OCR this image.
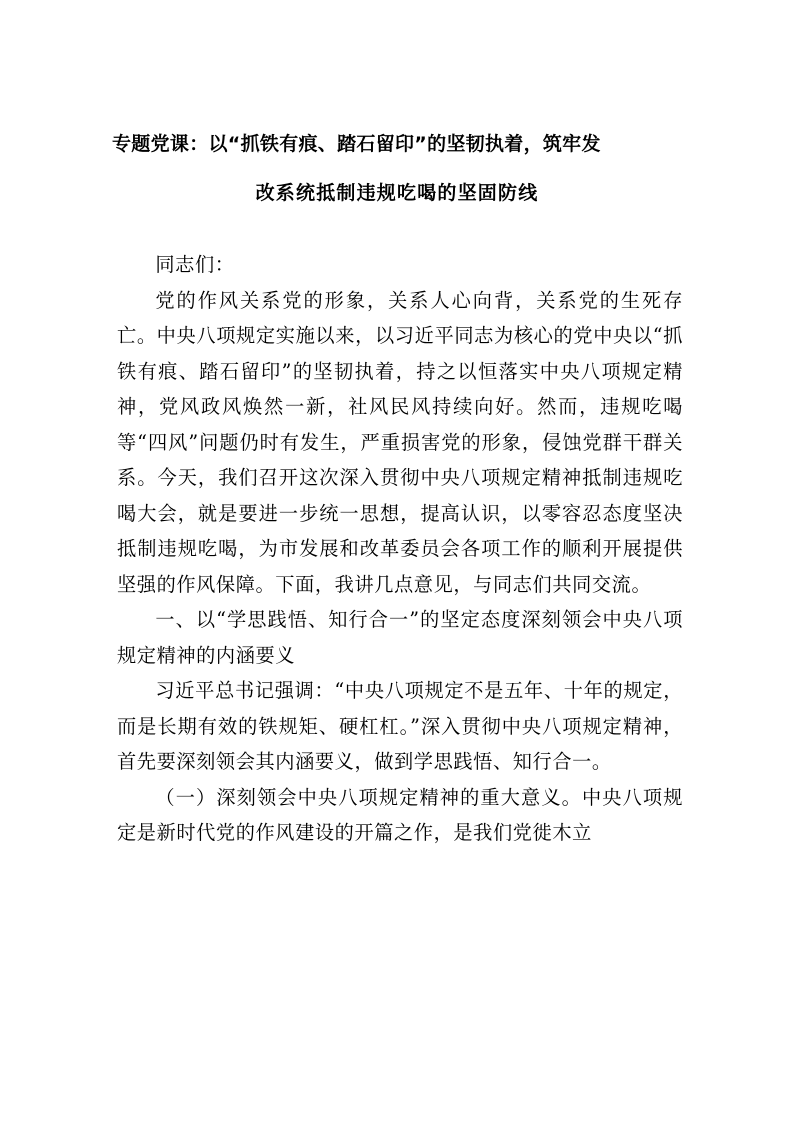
专题党课：以“抓铁有痕、踏石留印”的坚韧执着，筑牢发
改系统抵制违规吃喝的坚固防线

同志们：

党的作风关系党的形象，关系人心向背，关系党的生死存亡。中央八项规定实施以来，以习近平同志为核心的党中央以“抓铁有痕、踏石留印”的坚韧执着，持之以恒落实中央八项规定精神，党风政风焕然一新，社风民风持续向好。然而，违规吃喝等“四风”问题仍时有发生，严重损害党的形象，侵蚀党群干群关系。今天，我们召开这次深入贯彻中央八项规定精神抵制违规吃喝大会，就是要进一步统一思想，提高认识，以零容忍态度坚决抵制违规吃喝，为市发展和改革委员会各项工作的顺利开展提供坚强的作风保障。下面，我讲几点意见，与同志们共同交流。

一、以“学思践悟、知行合一”的坚定态度深刻领会中央八项规定精神的内涵要义

习近平总书记强调：“中央八项规定不是五年、十年的规定，而是长期有效的铁规矩、硬杠杠。”深入贯彻中央八项规定精神，首先要深刻领会其内涵要义，做到学思践悟、知行合一。

（一）深刻领会中央八项规定精神的重大意义。中央八项规定是新时代党的作风建设的开篇之作，是我们党徙木立
